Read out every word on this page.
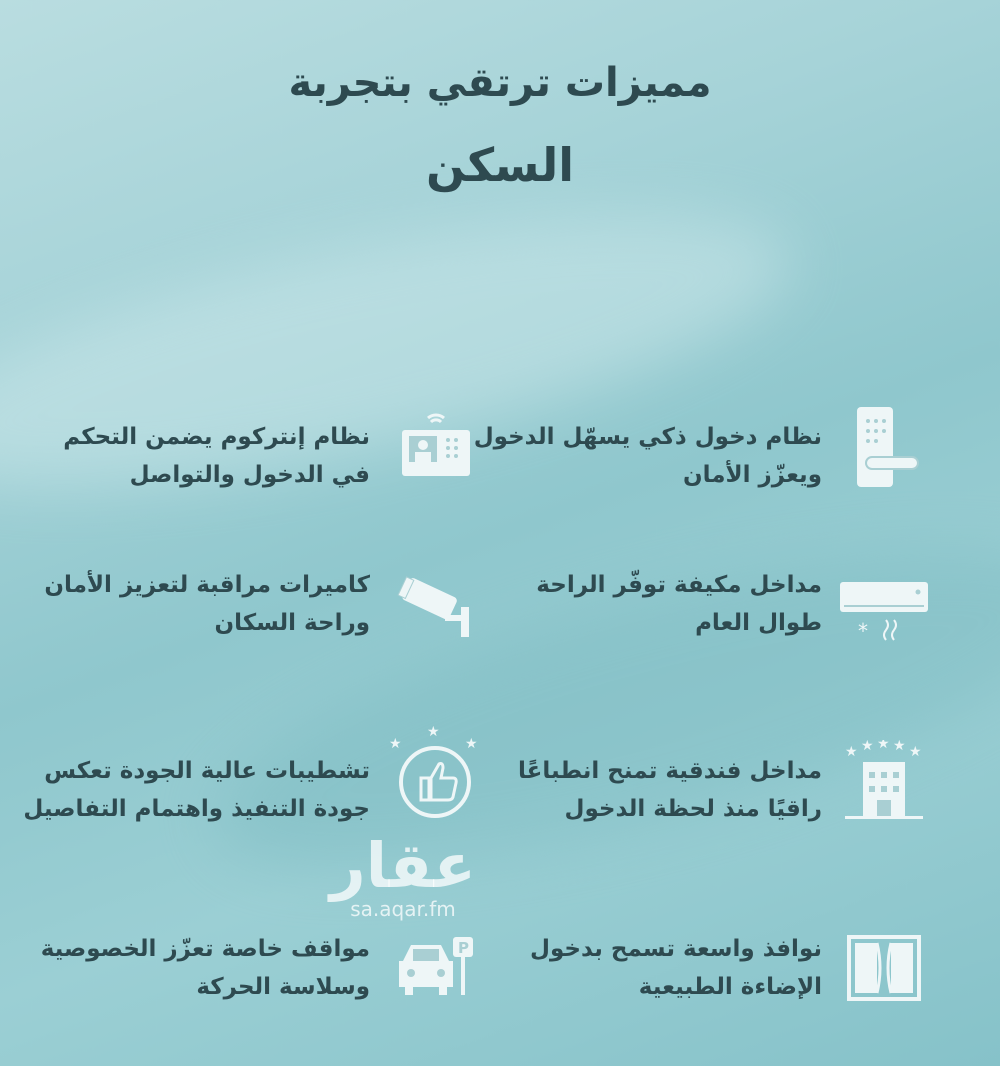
مميزات ترتقي بتجربة
السكن
نظام دخول ذكي يسهّل الدخول
ويعزّز الأمان
نظام إنتركوم يضمن التحكم
في الدخول والتواصل
*
مداخل مكيفة توفّر الراحة
طوال العام
كاميرات مراقبة لتعزيز الأمان
وراحة السكان
★ ★ ★ ★ ★
مداخل فندقية تمنح انطباعًا
راقيًا منذ لحظة الدخول
★
★
★
تشطيبات عالية الجودة تعكس
جودة التنفيذ واهتمام التفاصيل
عقار
sa.aqar.fm
نوافذ واسعة تسمح بدخول
الإضاءة الطبيعية
P
مواقف خاصة تعزّز الخصوصية
وسلاسة الحركة
